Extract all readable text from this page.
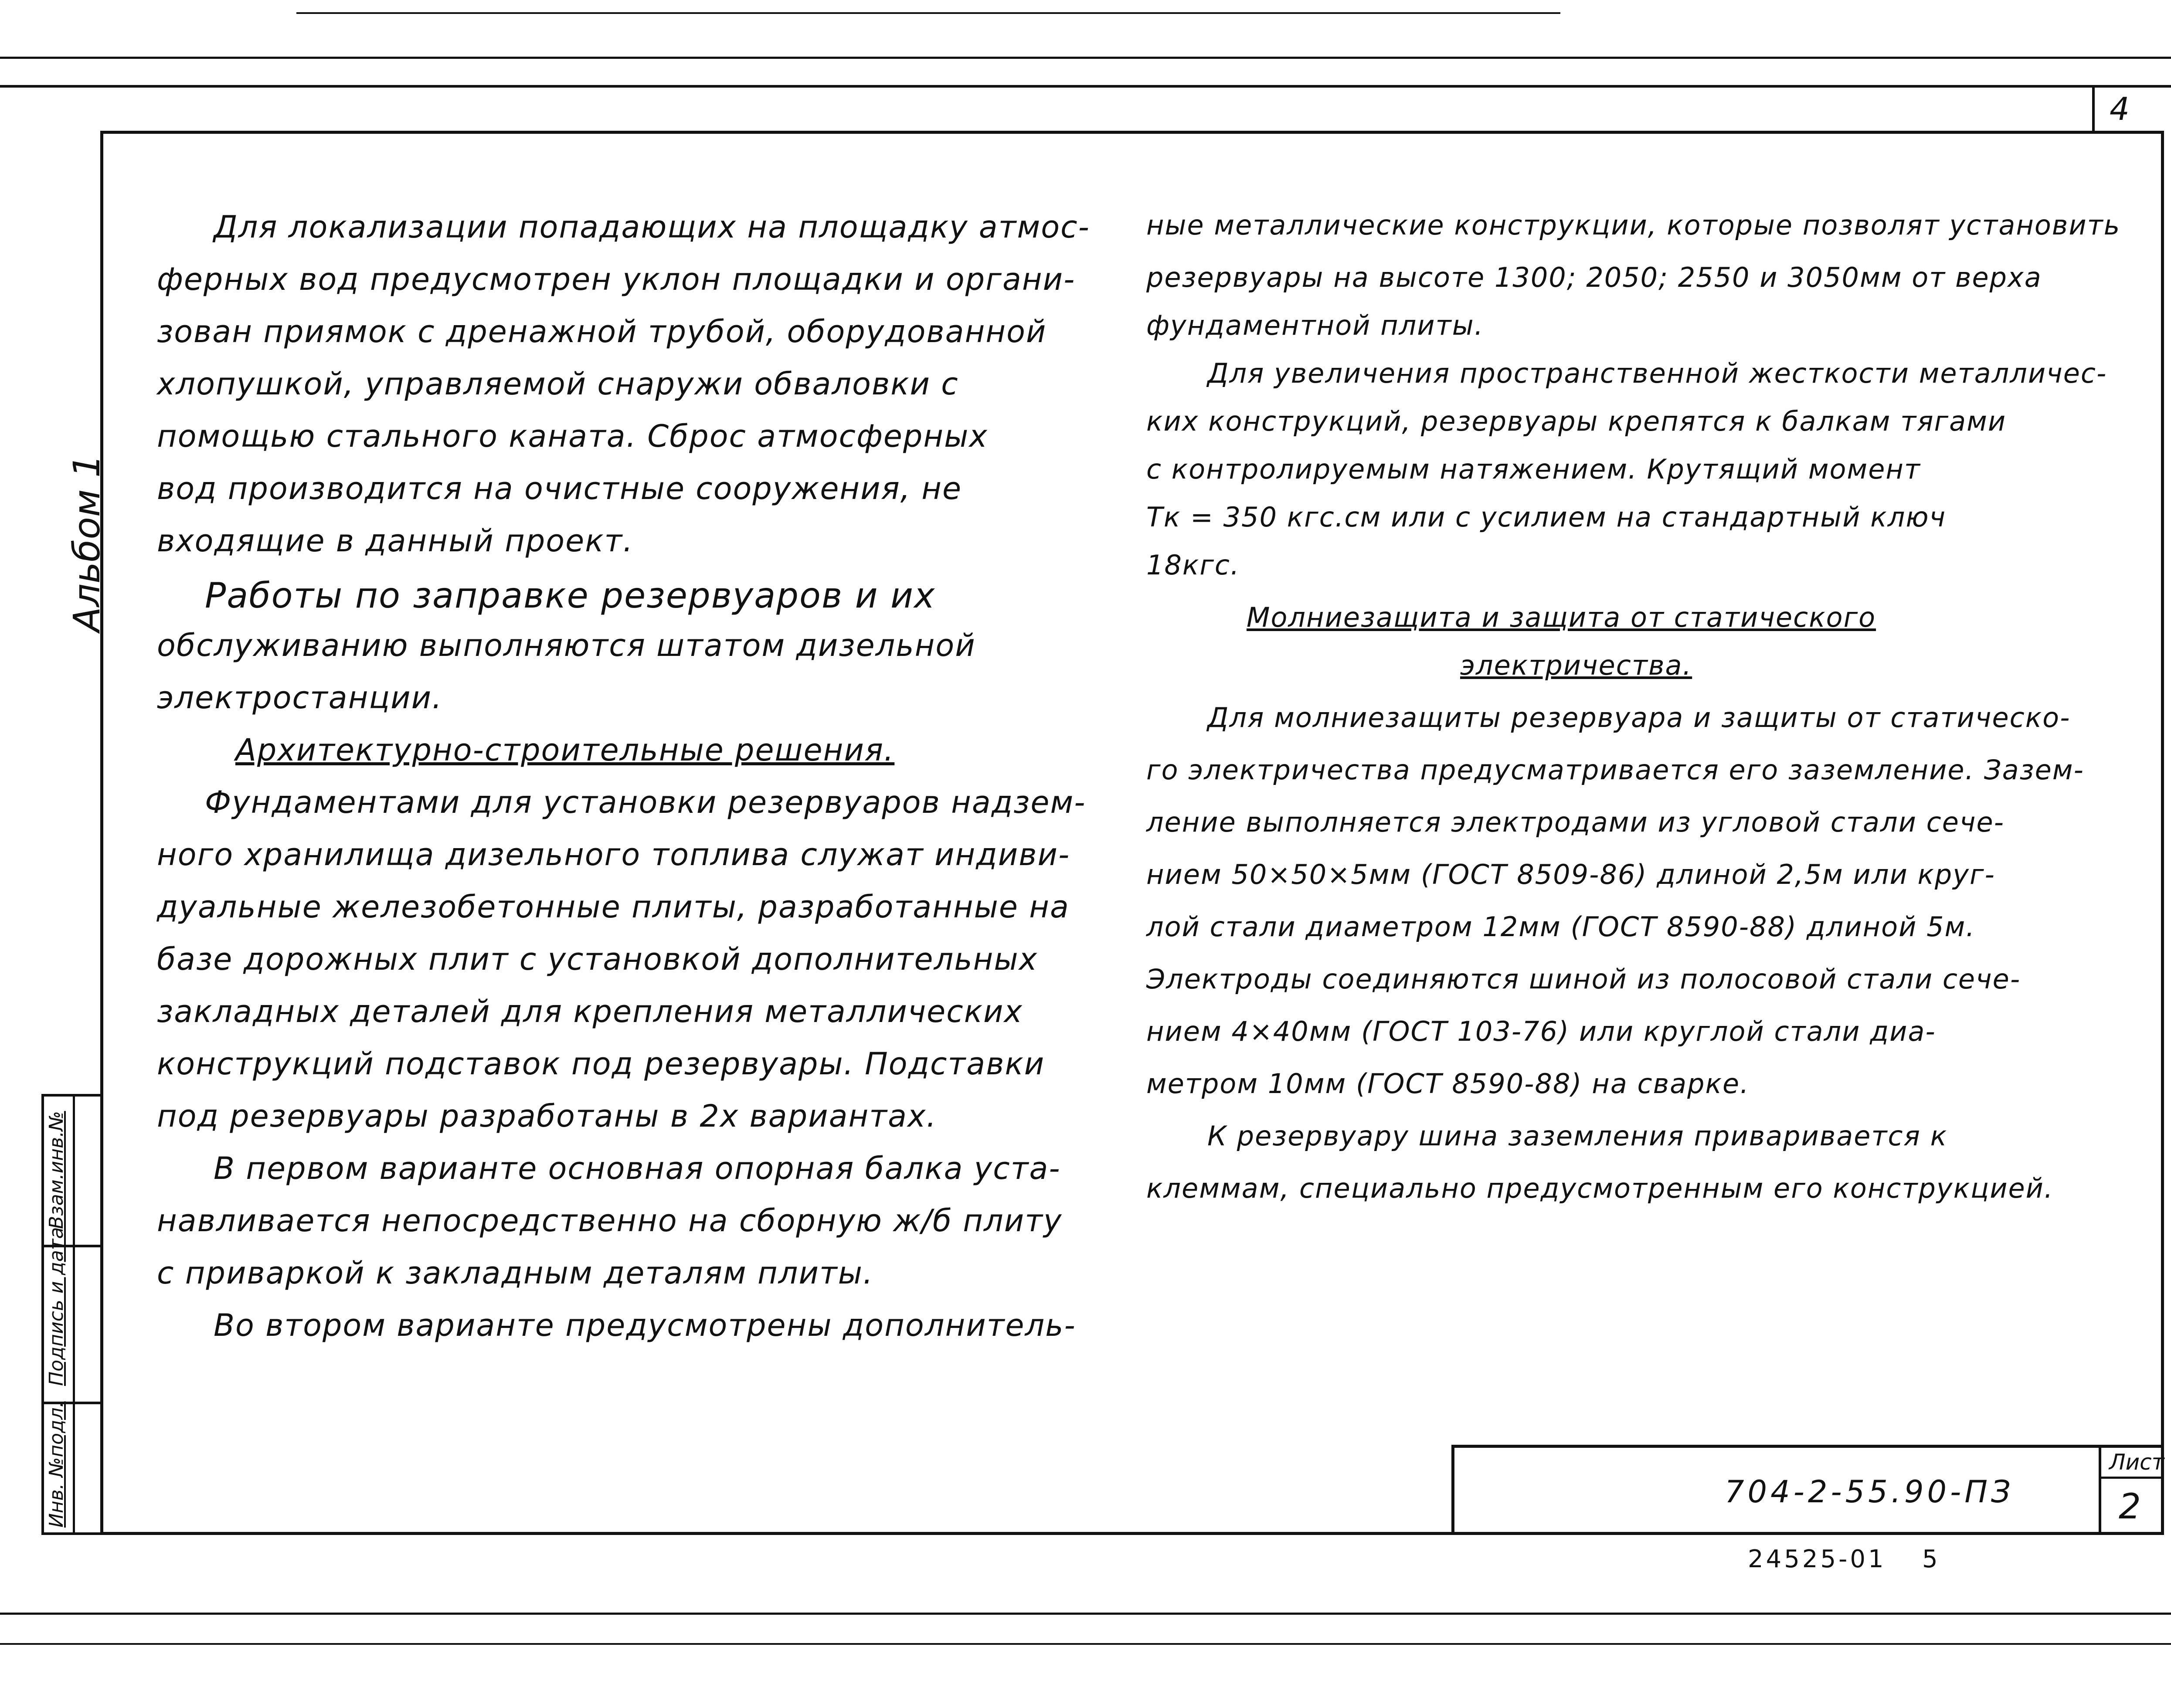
4
Альбом 1
Инв. №подл.
Подпись и дата
Взам.инв.№
Для локализации попадающих на площадку атмос-
ферных вод предусмотрен уклон площадки и органи-
зован приямок с дренажной трубой, оборудованной
хлопушкой, управляемой снаружи обваловки с
помощью стального каната. Сброс атмосферных
вод производится на очистные сооружения, не
входящие в данный проект.
Работы по заправке резервуаров и их
обслуживанию выполняются штатом дизельной
электростанции.
Архитектурно-строительные решения.
Фундаментами для установки резервуаров надзем-
ного хранилища дизельного топлива служат индиви-
дуальные железобетонные плиты, разработанные на
базе дорожных плит с установкой дополнительных
закладных деталей для крепления металлических
конструкций подставок под резервуары. Подставки
под резервуары разработаны в 2х вариантах.
В первом варианте основная опорная балка уста-
навливается непосредственно на сборную ж/б плиту
с приваркой к закладным деталям плиты.
Во втором варианте предусмотрены дополнитель-
ные металлические конструкции, которые позволят установить
резервуары на высоте 1300; 2050; 2550 и 3050мм от верха
фундаментной плиты.
Для увеличения пространственной жесткости металличес-
ких конструкций, резервуары крепятся к балкам тягами
с контролируемым натяжением. Крутящий момент
Тк = 350 кгс.см или с усилием на стандартный ключ
18кгс.
Молниезащита и защита от статического
электричества.
Для молниезащиты резервуара и защиты от статическо-
го электричества предусматривается его заземление. Зазем-
ление выполняется электродами из угловой стали сече-
нием 50×50×5мм (ГОСТ 8509-86) длиной 2,5м или круг-
лой стали диаметром 12мм (ГОСТ 8590-88) длиной 5м.
Электроды соединяются шиной из полосовой стали сече-
нием 4×40мм (ГОСТ 103-76) или круглой стали диа-
метром 10мм (ГОСТ 8590-88) на сварке.
К резервуару шина заземления приваривается к
клеммам, специально предусмотренным его конструкцией.
704-2-55.90-ПЗ
Лист
2
24525-01 5
